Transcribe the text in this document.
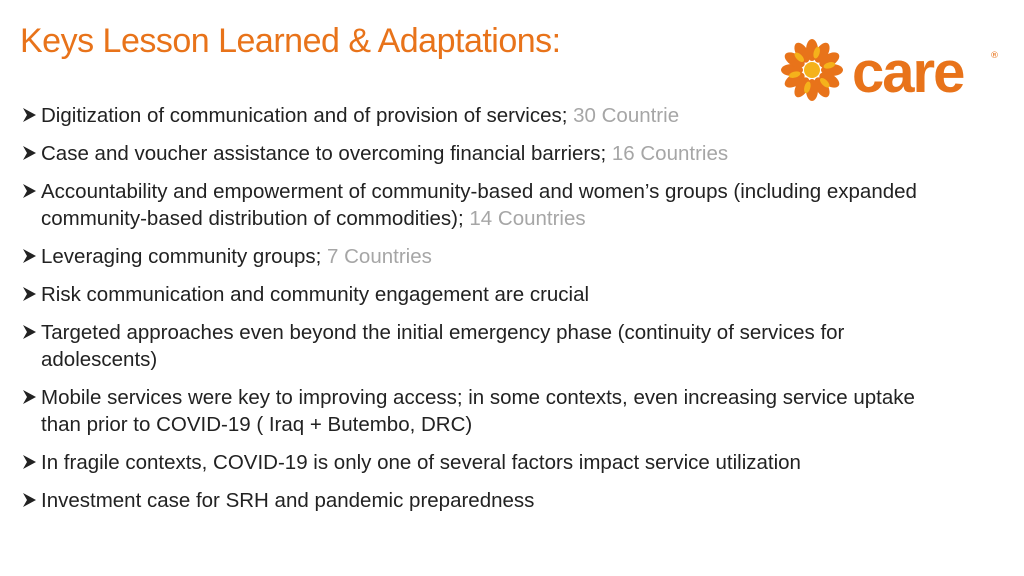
Keys Lesson Learned & Adaptations:	care	®
Digitization of communication and of provision of services; 30 Countrie
Case and voucher assistance to overcoming financial barriers; 16 Countries
Accountability and empowerment of community-based and women’s groups (including expanded community-based distribution of commodities); 14 Countries
Leveraging community groups; 7 Countries
Risk communication and community engagement are crucial
Targeted approaches even beyond the initial emergency phase (continuity of services for adolescents)
Mobile services were key to improving access; in some contexts, even increasing service uptake than prior to COVID-19 ( Iraq + Butembo, DRC)
In fragile contexts, COVID-19 is only one of several factors impact service utilization
Investment case for SRH and pandemic preparedness
